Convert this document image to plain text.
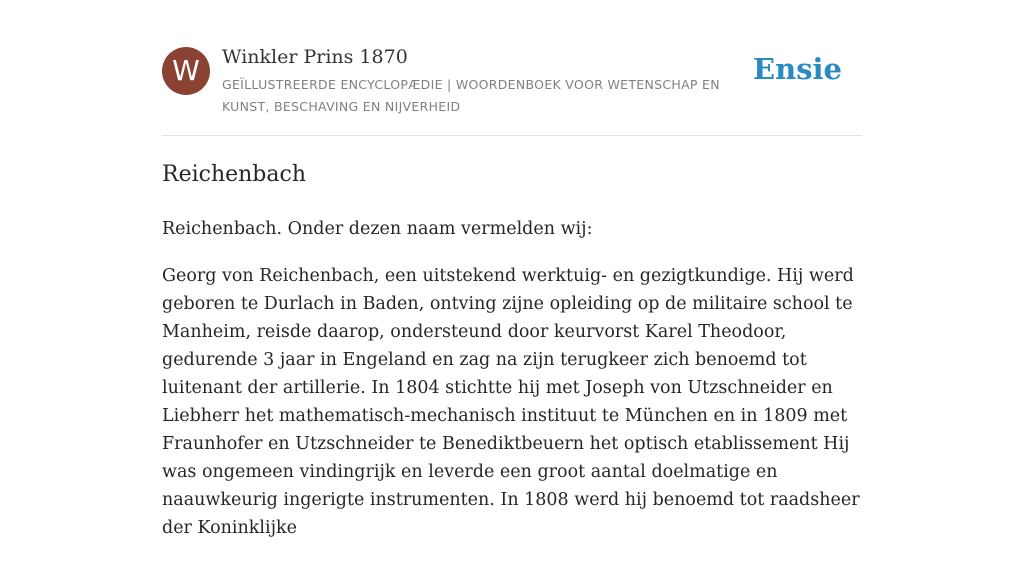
W	Winkler Prins 1870
GEÏLLUSTREERDE ENCYCLOPÆDIE | WOORDENBOEK VOOR WETENSCHAP EN KUNST, BESCHAVING EN NIJVERHEID
Ensie
Reichenbach

Reichenbach. Onder dezen naam vermelden wij:

Georg von Reichenbach, een uitstekend werktuig- en gezigtkundige. Hij werd geboren te Durlach in Baden, ontving zijne opleiding op de militaire school te Manheim, reisde daarop, ondersteund door keurvorst Karel Theodoor, gedurende 3 jaar in Engeland en zag na zijn terugkeer zich benoemd tot luitenant der artillerie. In 1804 stichtte hij met Joseph von Utzschneider en Liebherr het mathematisch-mechanisch instituut te München en in 1809 met Fraunhofer en Utzschneider te Benediktbeuern het optisch etablissement Hij was ongemeen vindingrijk en leverde een groot aantal doelmatige en naauwkeurig ingerigte instrumenten. In 1808 werd hij benoemd tot raadsheer der Koninklijke
